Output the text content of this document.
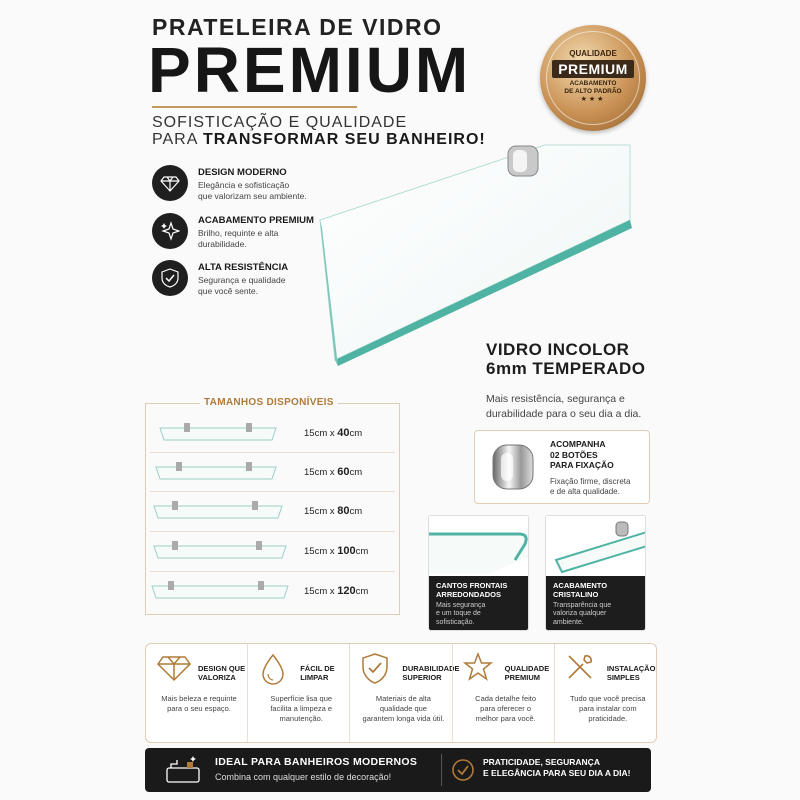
PRATELEIRA DE VIDRO
PREMIUM
SOFISTICAÇÃO E QUALIDADE
PARA TRANSFORMAR SEU BANHEIRO!
QUALIDADE
PREMIUM
ACABAMENTO
DE ALTO PADRÃO
★★★
DESIGN MODERNO
Elegância e sofisticação
que valorizam seu ambiente.
ACABAMENTO PREMIUM
Brilho, requinte e alta
durabilidade.
ALTA RESISTÊNCIA
Segurança e qualidade
que você sente.
VIDRO INCOLOR
6mm TEMPERADO
Mais resistência, segurança e
durabilidade para o seu dia a dia.
TAMANHOS DISPONÍVEIS
15cm x 40cm
15cm x 60cm
15cm x 80cm
15cm x 100cm
15cm x 120cm
ACOMPANHA
02 BOTÕES
PARA FIXAÇÃO
Fixação firme, discreta
e de alta qualidade.
CANTOS FRONTAIS
ARREDONDADOS
Mais segurança
e um toque de
sofisticação.
ACABAMENTO
CRISTALINO
Transparência que
valoriza qualquer
ambiente.
DESIGN QUE
VALORIZA
Mais beleza e requinte
para o seu espaço.
FÁCIL DE
LIMPAR
Superfície lisa que
facilita a limpeza e
manutenção.
DURABILIDADE
SUPERIOR
Materiais de alta
qualidade que
garantem longa vida útil.
QUALIDADE
PREMIUM
Cada detalhe feito
para oferecer o
melhor para você.
INSTALAÇÃO
SIMPLES
Tudo que você precisa
para instalar com
praticidade.
IDEAL PARA BANHEIROS MODERNOS
Combina com qualquer estilo de decoração!
PRATICIDADE, SEGURANÇA
E ELEGÂNCIA PARA SEU DIA A DIA!
